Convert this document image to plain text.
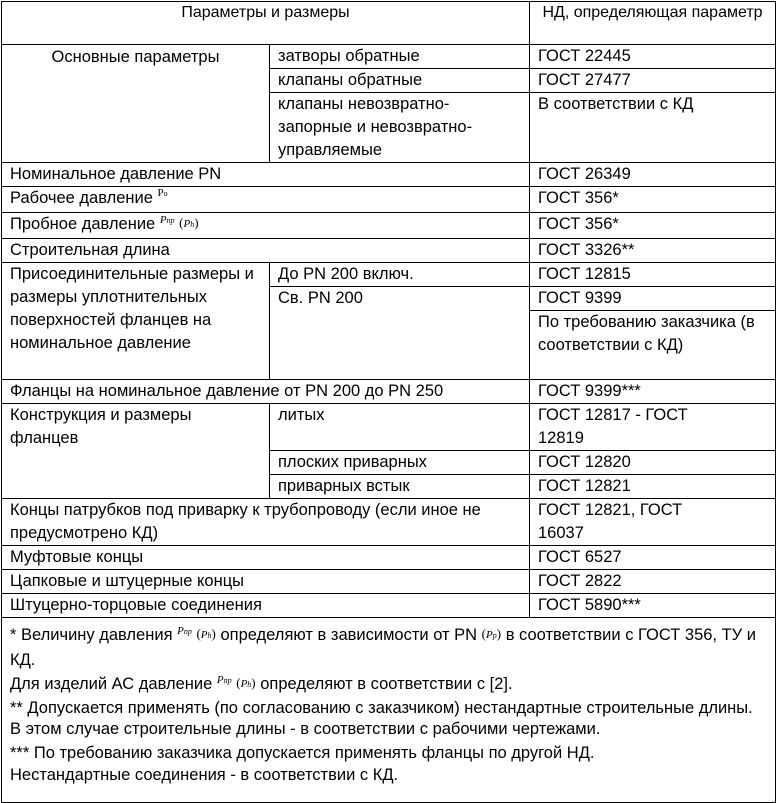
Параметры и размеры		НД, определяющая параметр
Основные параметры	затворы обратные	ГОСТ 22445
	клапаны обратные	ГОСТ 27477
	клапаны невозвратно-запорные и невозвратно-управляемые	В соответствии с КД
Номинальное давление PN		ГОСТ 26349
Рабочее давление $^{Po}$		ГОСТ 356*
Пробное давление $^{Pпр}$ (Ph)		ГОСТ 356*
Строительная длина		ГОСТ 3326**
Присоединительные размеры и размеры уплотнительных поверхностей фланцев на номинальное давление	До PN 200 включ.	ГОСТ 12815
	Св. PN 200	ГОСТ 9399
		По требованию заказчика (в соответствии с КД)
Фланцы на номинальное давление от PN 200 до PN 250		ГОСТ 9399***
Конструкция и размеры фланцев	литых	ГОСТ 12817 - ГОСТ 12819
	плоских приварных	ГОСТ 12820
	приварных встык	ГОСТ 12821
Концы патрубков под приварку к трубопроводу (если иное не предусмотрено КД)		ГОСТ 12821, ГОСТ 16037
Муфтовые концы		ГОСТ 6527
Цапковые и штуцерные концы		ГОСТ 2822
Штуцерно-торцовые соединения		ГОСТ 5890***

* Величину давления $^{Pпр}$ (Ph) определяют в зависимости от PN (Pp) в соответствии с ГОСТ 356, ТУ и КД.
Для изделий АС давление $^{Pпр}$ (Ph) определяют в соответствии с [2].
** Допускается применять (по согласованию с заказчиком) нестандартные строительные длины. В этом случае строительные длины - в соответствии с рабочими чертежами.
*** По требованию заказчика допускается применять фланцы по другой НД.
Нестандартные соединения - в соответствии с КД.		
